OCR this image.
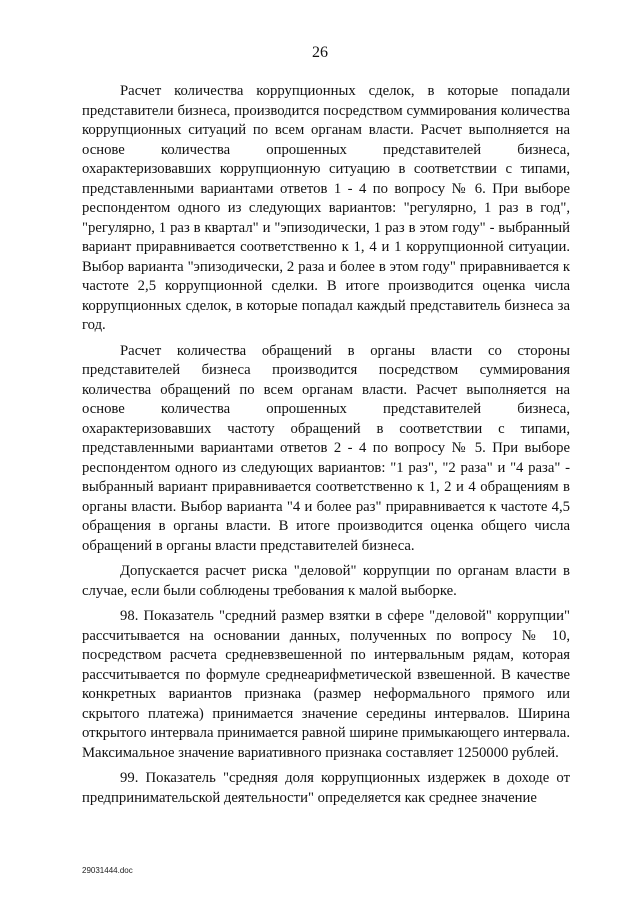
26

Расчет количества коррупционных сделок, в которые попадали представители бизнеса, производится посредством суммирования количества коррупционных ситуаций по всем органам власти. Расчет выполняется на основе количества опрошенных представителей бизнеса, охарактеризовавших коррупционную ситуацию в соответствии с типами, представленными вариантами ответов 1 - 4 по вопросу № 6. При выборе респондентом одного из следующих вариантов: "регулярно, 1 раз в год", "регулярно, 1 раз в квартал" и "эпизодически, 1 раз в этом году" - выбранный вариант приравнивается соответственно к 1, 4 и 1 коррупционной ситуации. Выбор варианта "эпизодически, 2 раза и более в этом году" приравнивается к частоте 2,5 коррупционной сделки. В итоге производится оценка числа коррупционных сделок, в которые попадал каждый представитель бизнеса за год.

Расчет количества обращений в органы власти со стороны представителей бизнеса производится посредством суммирования количества обращений по всем органам власти. Расчет выполняется на основе количества опрошенных представителей бизнеса, охарактеризовавших частоту обращений в соответствии с типами, представленными вариантами ответов 2 - 4 по вопросу № 5. При выборе респондентом одного из следующих вариантов: "1 раз", "2 раза" и "4 раза" - выбранный вариант приравнивается соответственно к 1, 2 и 4 обращениям в органы власти. Выбор варианта "4 и более раз" приравнивается к частоте 4,5 обращения в органы власти. В итоге производится оценка общего числа обращений в органы власти представителей бизнеса.

Допускается расчет риска "деловой" коррупции по органам власти в случае, если были соблюдены требования к малой выборке.

98. Показатель "средний размер взятки в сфере "деловой" коррупции" рассчитывается на основании данных, полученных по вопросу № 10, посредством расчета средневзвешенной по интервальным рядам, которая рассчитывается по формуле среднеарифметической взвешенной. В качестве конкретных вариантов признака (размер неформального прямого или скрытого платежа) принимается значение середины интервалов. Ширина открытого интервала принимается равной ширине примыкающего интервала. Максимальное значение вариативного признака составляет 1250000 рублей.

99. Показатель "средняя доля коррупционных издержек в доходе от предпринимательской деятельности" определяется как среднее значение

29031444.doc
